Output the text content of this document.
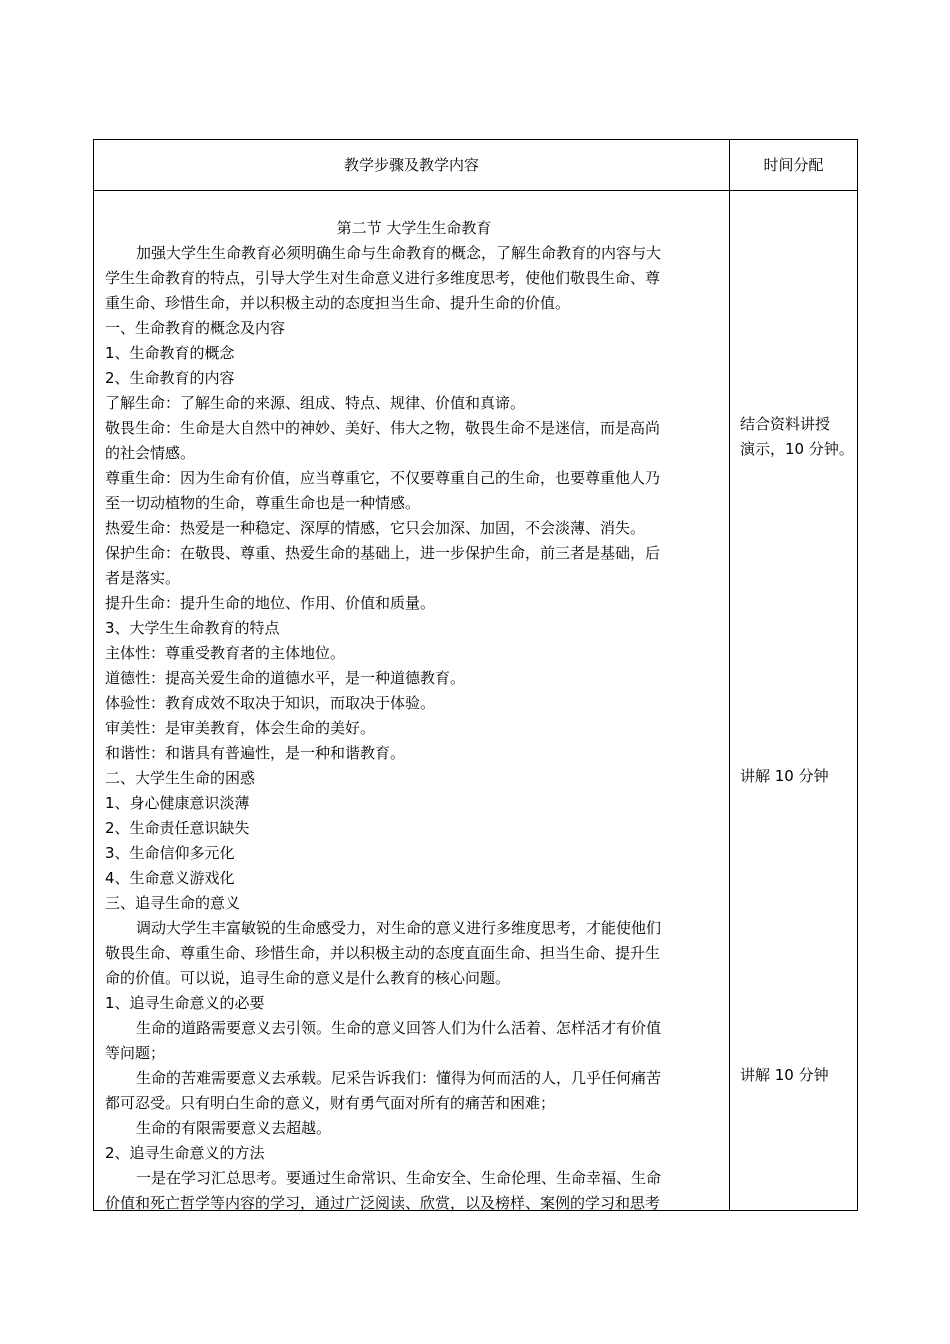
教学步骤及教学内容	时间分配
第二节 大学生生命教育
加强大学生生命教育必须明确生命与生命教育的概念，了解生命教育的内容与大
学生生命教育的特点，引导大学生对生命意义进行多维度思考，使他们敬畏生命、尊
重生命、珍惜生命，并以积极主动的态度担当生命、提升生命的价值。
一、生命教育的概念及内容
1、生命教育的概念
2、生命教育的内容
了解生命：了解生命的来源、组成、特点、规律、价值和真谛。
敬畏生命：生命是大自然中的神妙、美好、伟大之物，敬畏生命不是迷信，而是高尚
的社会情感。
尊重生命：因为生命有价值，应当尊重它，不仅要尊重自己的生命，也要尊重他人乃
至一切动植物的生命，尊重生命也是一种情感。
热爱生命：热爱是一种稳定、深厚的情感，它只会加深、加固，不会淡薄、消失。
保护生命：在敬畏、尊重、热爱生命的基础上，进一步保护生命，前三者是基础，后
者是落实。
提升生命：提升生命的地位、作用、价值和质量。
3、大学生生命教育的特点
主体性：尊重受教育者的主体地位。
道德性：提高关爱生命的道德水平，是一种道德教育。
体验性：教育成效不取决于知识，而取决于体验。
审美性：是审美教育，体会生命的美好。
和谐性：和谐具有普遍性，是一种和谐教育。
二、大学生生命的困惑
1、身心健康意识淡薄
2、生命责任意识缺失
3、生命信仰多元化
4、生命意义游戏化
三、追寻生命的意义
调动大学生丰富敏锐的生命感受力，对生命的意义进行多维度思考，才能使他们
敬畏生命、尊重生命、珍惜生命，并以积极主动的态度直面生命、担当生命、提升生
命的价值。可以说，追寻生命的意义是什么教育的核心问题。
1、追寻生命意义的必要
生命的道路需要意义去引领。生命的意义回答人们为什么活着、怎样活才有价值
等问题；
生命的苦难需要意义去承载。尼采告诉我们：懂得为何而活的人，几乎任何痛苦
都可忍受。只有明白生命的意义，财有勇气面对所有的痛苦和困难；
生命的有限需要意义去超越。
2、追寻生命意义的方法
一是在学习汇总思考。要通过生命常识、生命安全、生命伦理、生命幸福、生命
价值和死亡哲学等内容的学习，通过广泛阅读、欣赏，以及榜样、案例的学习和思考
结合资料讲授
演示，10 分钟。
讲解 10 分钟
讲解 10 分钟
